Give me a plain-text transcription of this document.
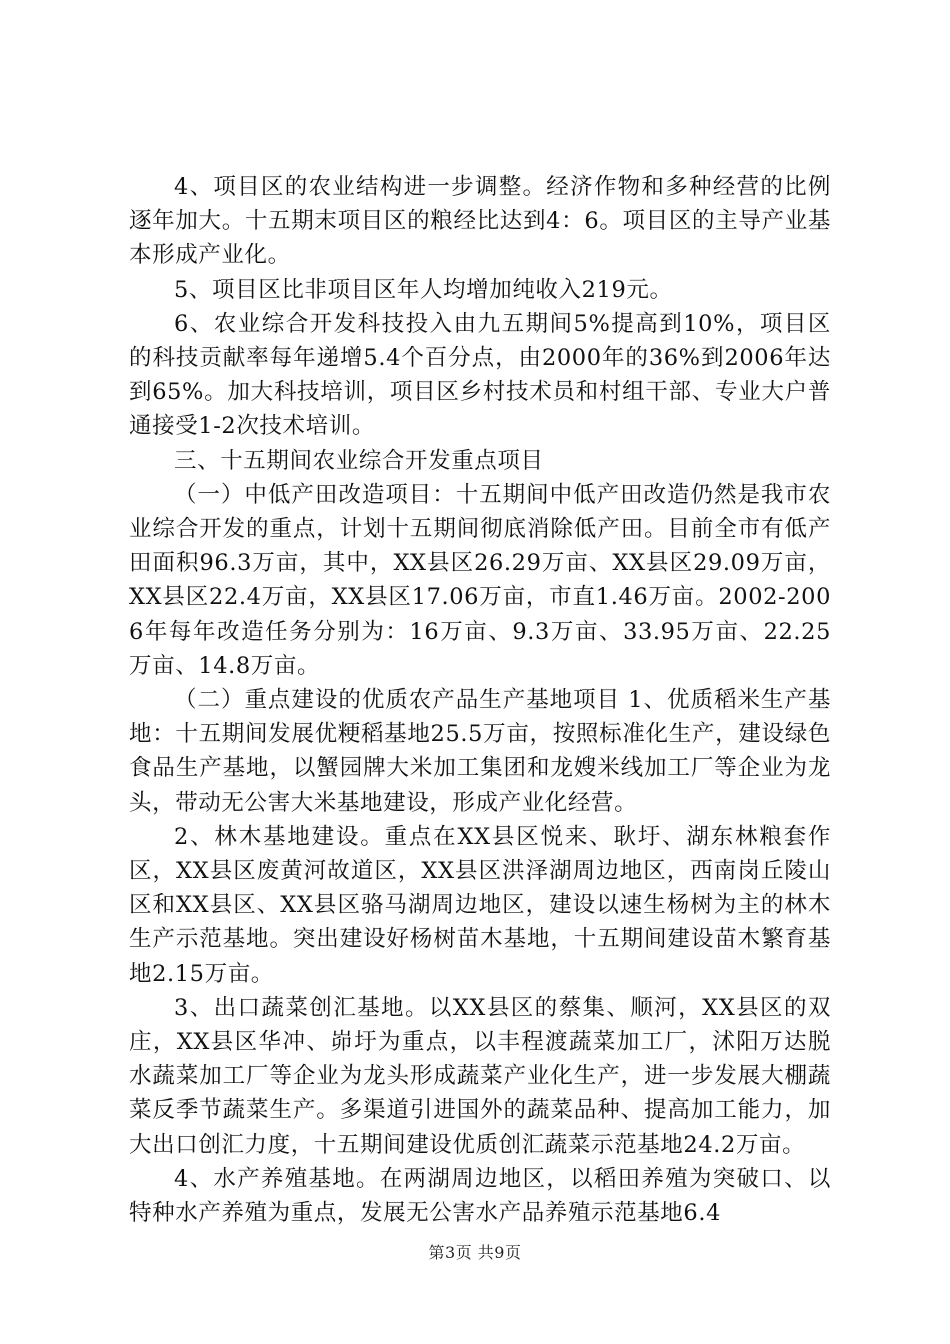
4、项目区的农业结构进一步调整。经济作物和多种经营的比例逐年加大。十五期末项目区的粮经比达到4：6。项目区的主导产业基本形成产业化。

5、项目区比非项目区年人均增加纯收入219元。

6、农业综合开发科技投入由九五期间5%提高到10%，项目区的科技贡献率每年递增5.4个百分点，由2000年的36%到2006年达到65%。加大科技培训，项目区乡村技术员和村组干部、专业大户普通接受1-2次技术培训。

三、十五期间农业综合开发重点项目

（一）中低产田改造项目：十五期间中低产田改造仍然是我市农业综合开发的重点，计划十五期间彻底消除低产田。目前全市有低产田面积96.3万亩，其中，XX县区26.29万亩、XX县区29.09万亩，XX县区22.4万亩，XX县区17.06万亩，市直1.46万亩。2002-2006年每年改造任务分别为：16万亩、9.3万亩、33.95万亩、22.25万亩、14.8万亩。

（二）重点建设的优质农产品生产基地项目 1、优质稻米生产基地：十五期间发展优粳稻基地25.5万亩，按照标准化生产，建设绿色食品生产基地，以蟹园牌大米加工集团和龙嫂米线加工厂等企业为龙头，带动无公害大米基地建设，形成产业化经营。

2、林木基地建设。重点在XX县区悦来、耿圩、湖东林粮套作区，XX县区废黄河故道区，XX县区洪泽湖周边地区，西南岗丘陵山区和XX县区、XX县区骆马湖周边地区，建设以速生杨树为主的林木生产示范基地。突出建设好杨树苗木基地，十五期间建设苗木繁育基地2.15万亩。

3、出口蔬菜创汇基地。以XX县区的蔡集、顺河，XX县区的双庄，XX县区华冲、峁圩为重点，以丰程渡蔬菜加工厂，沭阳万达脱水蔬菜加工厂等企业为龙头形成蔬菜产业化生产，进一步发展大棚蔬菜反季节蔬菜生产。多渠道引进国外的蔬菜品种、提高加工能力，加大出口创汇力度，十五期间建设优质创汇蔬菜示范基地24.2万亩。

4、水产养殖基地。在两湖周边地区，以稻田养殖为突破口、以特种水产养殖为重点，发展无公害水产品养殖示范基地6.4

第3页 共9页
